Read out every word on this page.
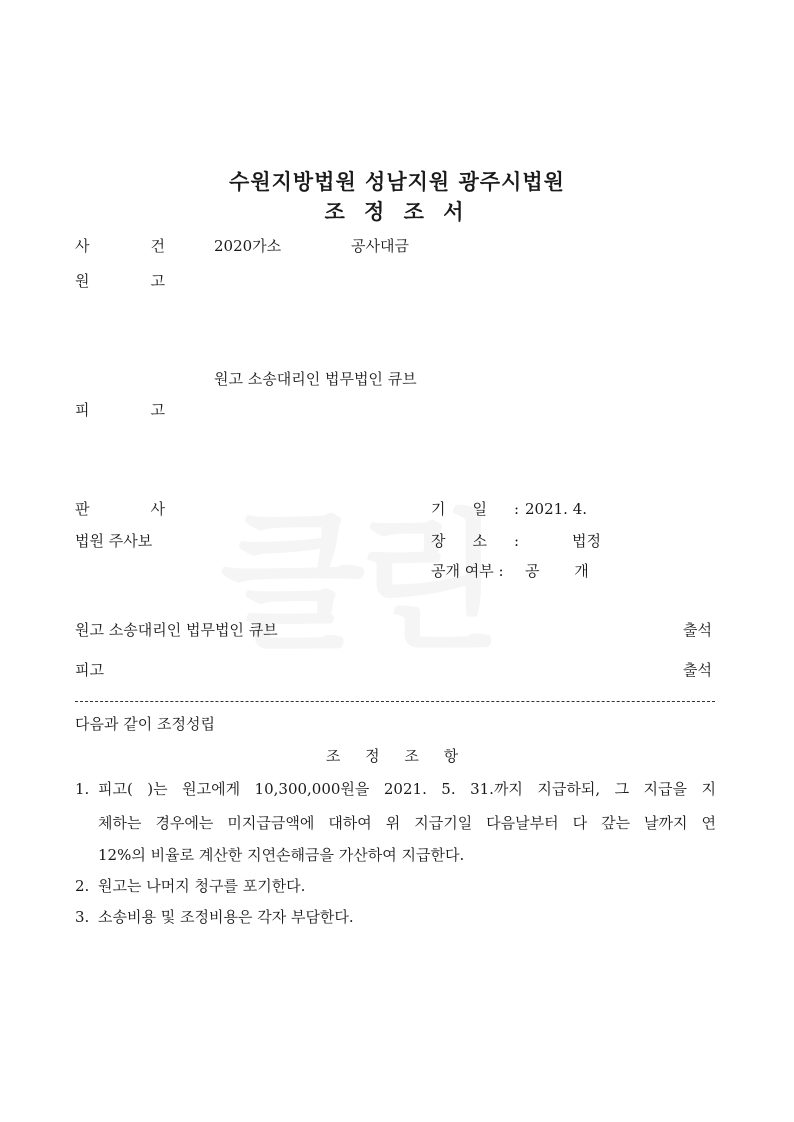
수원지방법원 성남지원 광주시법원
조 정 조 서
사 건	2020가소	공사대금
원 고
원고 소송대리인 법무법인 큐브
피 고
판 사
법원 주사보
기 일 : 2021. 4.
장 소 :	법정
공개 여부 : 공 개
원고 소송대리인 법무법인 큐브	출석
피고	출석
다음과 같이 조정성립
조 정 조 항
1. 피고( )는 원고에게 10,300,000원을 2021. 5. 31.까지 지급하되, 그 지급을 지
체하는 경우에는 미지급금액에 대하여 위 지급기일 다음날부터 다 갚는 날까지 연
12%의 비율로 계산한 지연손해금을 가산하여 지급한다.
2. 원고는 나머지 청구를 포기한다.
3. 소송비용 및 조정비용은 각자 부담한다.
